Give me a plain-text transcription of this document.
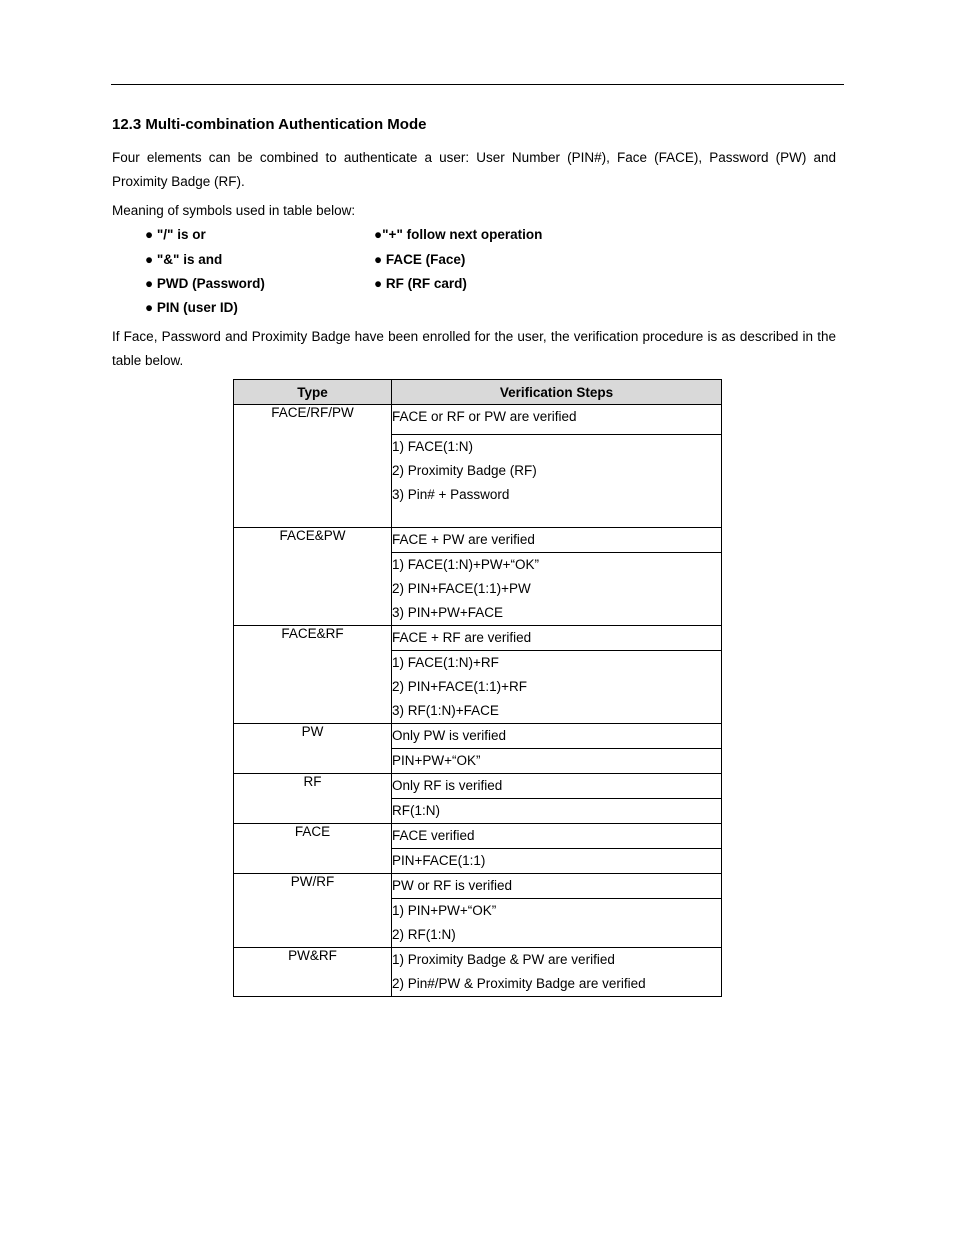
12.3 Multi-combination Authentication Mode
Four elements can be combined to authenticate a user: User Number (PIN#), Face (FACE), Password (PW) and Proximity Badge (RF).
Meaning of symbols used in table below:
● "/" is or	●"+" follow next operation
● "&" is and	● FACE (Face)
● PWD (Password)	● RF (RF card)
● PIN (user ID)
If Face, Password and Proximity Badge have been enrolled for the user, the verification procedure is as described in the table below.
Type	Verification Steps
FACE/RF/PW	FACE or RF or PW are verified

	1) FACE(1:N)
2) Proximity Badge (RF)
3) Pin# + Password

FACE&PW	FACE + PW are verified

	1) FACE(1:N)+PW+“OK”
2) PIN+FACE(1:1)+PW
3) PIN+PW+FACE

FACE&RF	FACE + RF are verified

	1) FACE(1:N)+RF
2) PIN+FACE(1:1)+RF
3) RF(1:N)+FACE

PW	Only PW is verified

	PIN+PW+“OK”

RF	Only RF is verified

	RF(1:N)

FACE	FACE verified

	PIN+FACE(1:1)

PW/RF	PW or RF is verified

	1) PIN+PW+“OK”
2) RF(1:N)

PW&RF	1) Proximity Badge & PW are verified
2) Pin#/PW & Proximity Badge are verified
